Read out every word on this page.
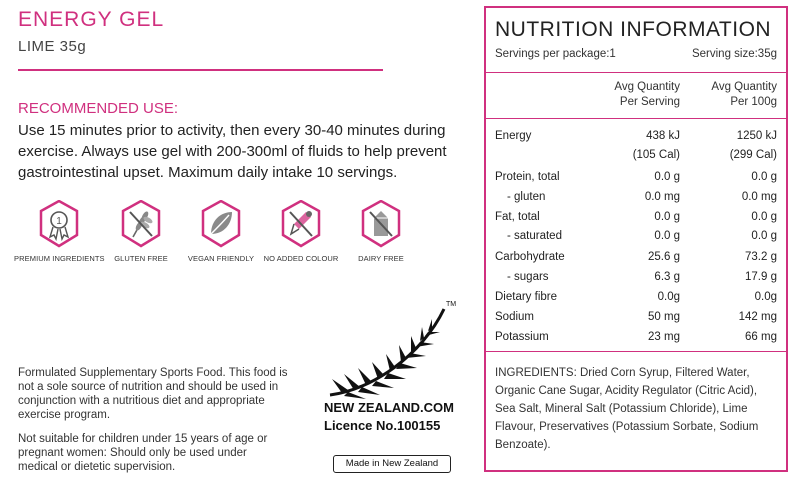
ENERGY GEL
LIME 35g
RECOMMENDED USE:
Use 15 minutes prior to activity, then every 30-40 minutes during exercise. Always use gel with 200-300ml of fluids to help prevent gastrointestinal upset. Maximum daily intake 10 servings.
1
PREMIUM INGREDIENTS	GLUTEN FREE	VEGAN FRIENDLY	NO ADDED COLOUR	DAIRY FREE
Formulated Supplementary Sports Food. This food is not a sole source of nutrition and should be used in conjunction with a nutritious diet and appropriate exercise program.
Not suitable for children under 15 years of age or pregnant women: Should only be used under medical or dietetic supervision.
TM
NEW ZEALAND.COM
Licence No.100155
Made in New Zealand
NUTRITION INFORMATION
Servings per package:1	Serving size:35g
Avg Quantity
Per Serving
Avg Quantity
Per 100g
Energy	438 kJ	1250 kJ
(105 Cal)	(299 Cal)
Protein, total	0.0 g	0.0 g
- gluten	0.0 mg	0.0 mg
Fat, total	0.0 g	0.0 g
- saturated	0.0 g	0.0 g
Carbohydrate	25.6 g	73.2 g
- sugars	6.3 g	17.9 g
Dietary fibre	0.0g	0.0g
Sodium	50 mg	142 mg
Potassium	23 mg	66 mg
INGREDIENTS: Dried Corn Syrup, Filtered Water, Organic Cane Sugar, Acidity Regulator (Citric Acid), Sea Salt, Mineral Salt (Potassium Chloride), Lime Flavour, Preservatives (Potassium Sorbate, Sodium Benzoate).
